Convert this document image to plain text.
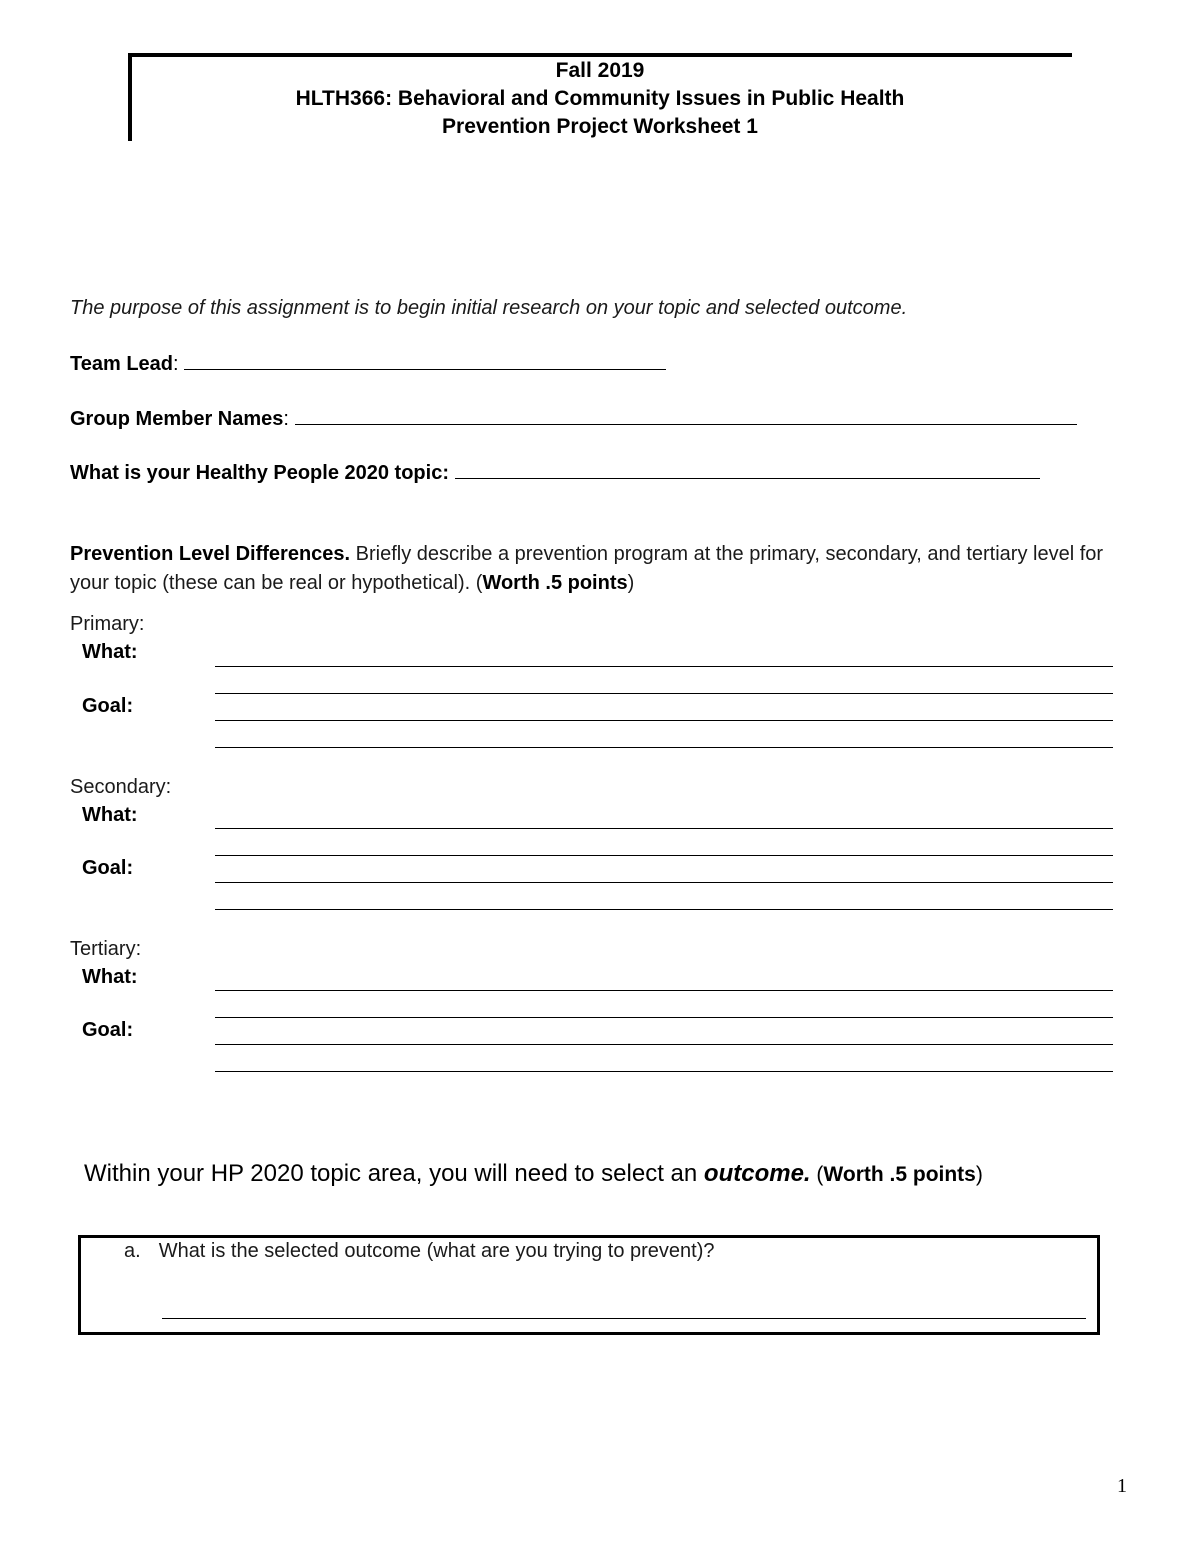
Fall 2019
HLTH366: Behavioral and Community Issues in Public Health
Prevention Project Worksheet 1
The purpose of this assignment is to begin initial research on your topic and selected outcome.
Team Lead:
Group Member Names:
What is your Healthy People 2020 topic:
Prevention Level Differences. Briefly describe a prevention program at the primary, secondary, and tertiary level for your topic (these can be real or hypothetical). (Worth .5 points)
Primary:
What:
Goal:
Secondary:
What:
Goal:
Tertiary:
What:
Goal:
Within your HP 2020 topic area, you will need to select an outcome. (Worth .5 points)
a. What is the selected outcome (what are you trying to prevent)?
1
